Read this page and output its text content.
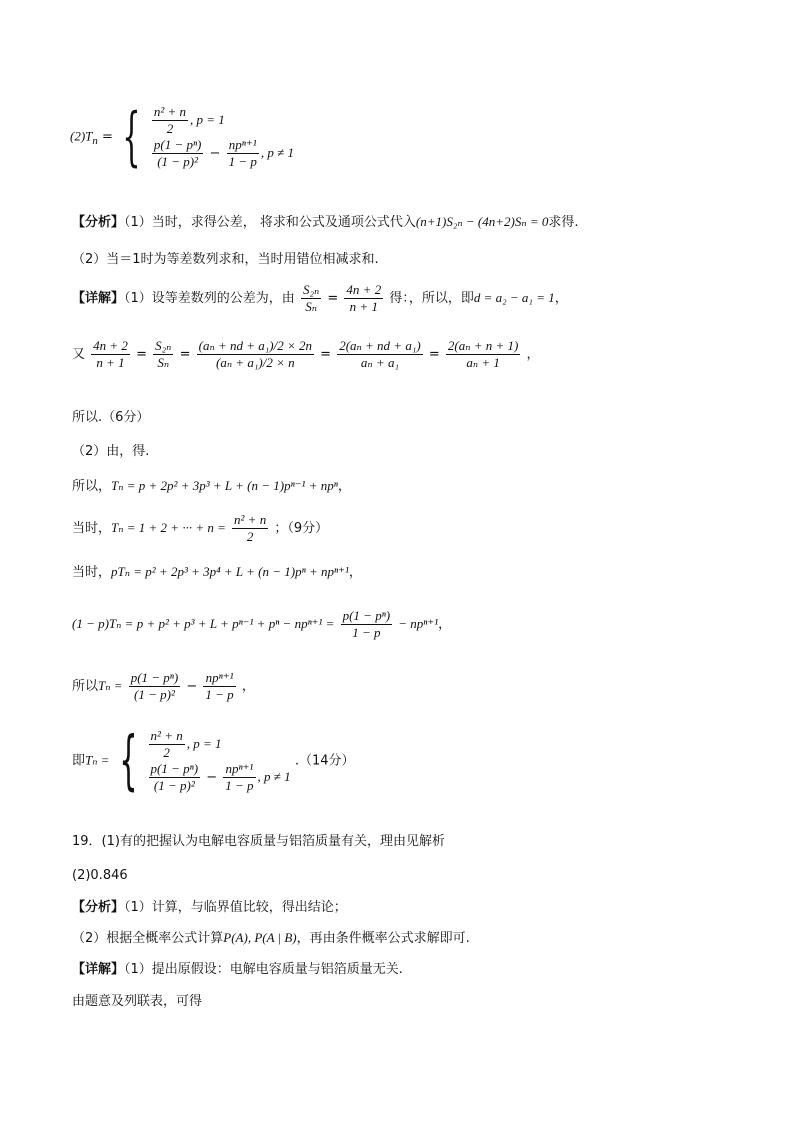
$(2)T_n$ = { $\frac{\text{n² + n}}{2}$ , p = 1
$\frac{\text{p(1 − pⁿ)}}{\text{(1 − p)²}} - \frac{\text{npⁿ⁺¹}}{1 - p}$ , p ≠ 1
【分析】（1）当时，求得公差， 将求和公式及通项公式代入(n+1)S₂ₙ − (4n+2)Sₙ = 0求得.
（2）当＝1时为等差数列求和，当时用错位相减求和.
【详解】（1）设等差数列的公差为，由 $\frac{\text{S₂ₙ}}{\text{Sₙ}} = \frac{4n + 2}{n + 1}$ 得：，所以，即d = a₂ − a₁ = 1，
又 $\frac{4n + 2}{n + 1} = \frac{\text{S₂ₙ}}{\text{Sₙ}} = \frac{\text{(aₙ + nd + a₁)/2 × 2n}}{\text{(aₙ + a₁)/2 × n}} = \frac{\text{2(aₙ + nd + a₁)}}{\text{aₙ + a₁}} = \frac{\text{2(aₙ + n + 1)}}{\text{aₙ + 1}}$ ，
所以.（6分）
（2）由，得.
所以，Tₙ = p + 2p² + 3p³ + L + (n − 1)pⁿ⁻¹ + npⁿ，
当时，Tₙ = 1 + 2 + ··· + $n = \frac{\text{n² + n}}{2}$ ；（9分）
当时，pTₙ = p² + 2p³ + 3p⁴ + L + (n − 1)pⁿ + npⁿ⁺¹，
$(1 - p)T_n = p + p^2 + p^3 + L + p^{n-1} + p^n - np^{n+1} = \frac{\text{p(1 − pⁿ)}}{1 - p} - np^{n+1}$，
所以$T_n = \frac{\text{p(1 − pⁿ)}}{\text{(1 − p)²}} - \frac{\text{npⁿ⁺¹}}{1 - p}$ ，
即Tₙ = { $\frac{\text{n² + n}}{2}$ , p = 1
$\frac{\text{p(1 − pⁿ)}}{\text{(1 − p)²}} - \frac{\text{npⁿ⁺¹}}{1 - p}$ , p ≠ 1
.（14分）
19．(1)有的把握认为电解电容质量与铝箔质量有关，理由见解析
(2)0.846
【分析】（1）计算，与临界值比较，得出结论；
（2）根据全概率公式计算P(A), P(A | B)，再由条件概率公式求解即可.
【详解】（1）提出原假设：电解电容质量与铝箔质量无关.
由题意及列联表，可得
